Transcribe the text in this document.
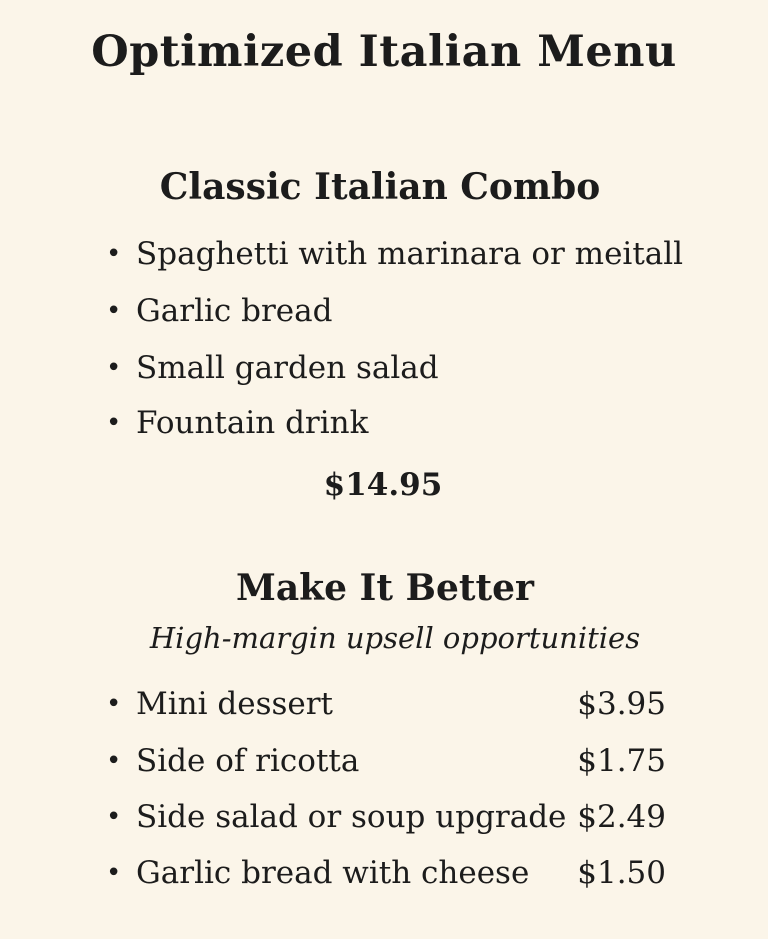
Optimized Italian Menu
Classic Italian Combo
• Spaghetti with marinara or meitall
• Garlic bread
• Small garden salad
• Fountain drink
$14.95
Make It Better
High-margin upsell opportunities
• Mini dessert	$3.95
• Side of ricotta	$1.75
• Side salad or soup upgrade $2.49
• Garlic bread with cheese $1.50
